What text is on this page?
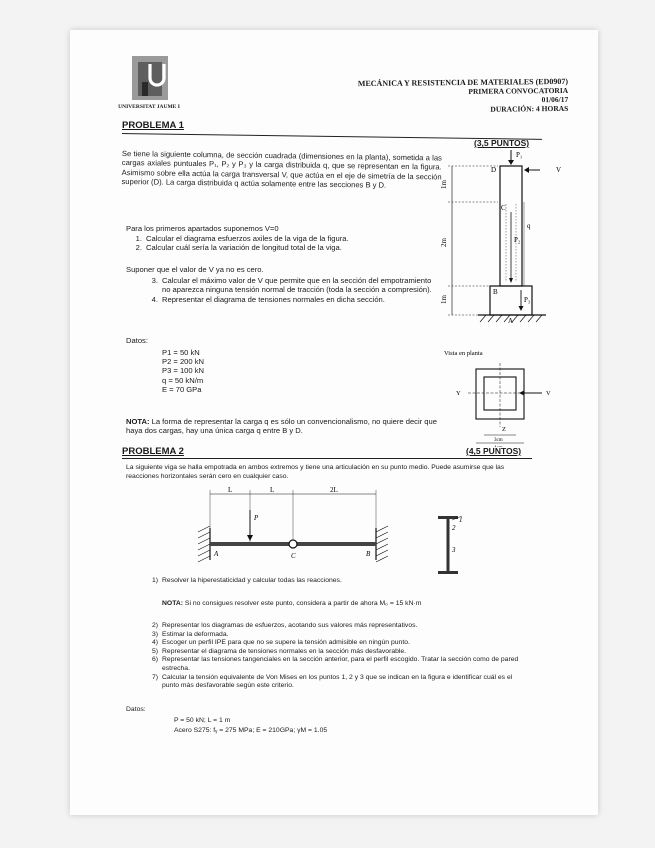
UNIVERSITAT JAUME I
MECÁNICA Y RESISTENCIA DE MATERIALES (ED0907)
PRIMERA CONVOCATORIA
01/06/17
DURACIÓN: 4 HORAS
PROBLEMA 1
(3,5 PUNTOS)
Se tiene la siguiente columna, de sección cuadrada (dimensiones en la planta), sometida a las cargas axiales puntuales P₁, P₂ y P₃ y la carga distribuida q, que se representan en la figura. Asimismo sobre ella actúa la carga transversal V, que actúa en el eje de simetría de la sección superior (D). La carga distribuida q actúa solamente entre las secciones B y D.
Para los primeros apartados suponemos V=0
1. Calcular el diagrama esfuerzos axiles de la viga de la figura.
2. Calcular cuál sería la variación de longitud total de la viga.
Suponer que el valor de V ya no es cero.
3. Calcular el máximo valor de V que permite que en la sección del empotramiento no aparezca ninguna tensión normal de tracción (toda la sección a compresión).
4. Representar el diagrama de tensiones normales en dicha sección.
Datos:
P1 = 50 kN
P2 = 200 kN
P3 = 100 kN
q = 50 kN/m
E = 70 GPa
NOTA: La forma de representar la carga q es sólo un convencionalismo, no quiere decir que haya dos cargas, hay una única carga q entre B y D.
1m
2m
1m
P₁
V
D
C
P₂
q
B
P₃
A
Vista en planta
Y	V
Z
3cm
PROBLEMA 2	(4,5 PUNTOS)
La siguiente viga se halla empotrada en ambos extremos y tiene una articulación en su punto medio. Puede asumirse que las reacciones horizontales serán cero en cualquier caso.
L	L	2L
P
A	C	B
1
2
3
1) Resolver la hiperestaticidad y calcular todas las reacciones.
NOTA: Si no consigues resolver este punto, considera a partir de ahora M₀ = 15 kN·m
2) Representar los diagramas de esfuerzos, acotando sus valores más representativos.
3) Estimar la deformada.
4) Escoger un perfil IPE para que no se supere la tensión admisible en ningún punto.
5) Representar el diagrama de tensiones normales en la sección más desfavorable.
6) Representar las tensiones tangenciales en la sección anterior, para el perfil escogido. Tratar la sección como de pared estrecha.
7) Calcular la tensión equivalente de Von Mises en los puntos 1, 2 y 3 que se indican en la figura e identificar cuál es el punto más desfavorable según este criterio.
Datos:
P = 50 kN; L = 1 m
Acero S275: fᵧ = 275 MPa; E = 210GPa; γM = 1.05
